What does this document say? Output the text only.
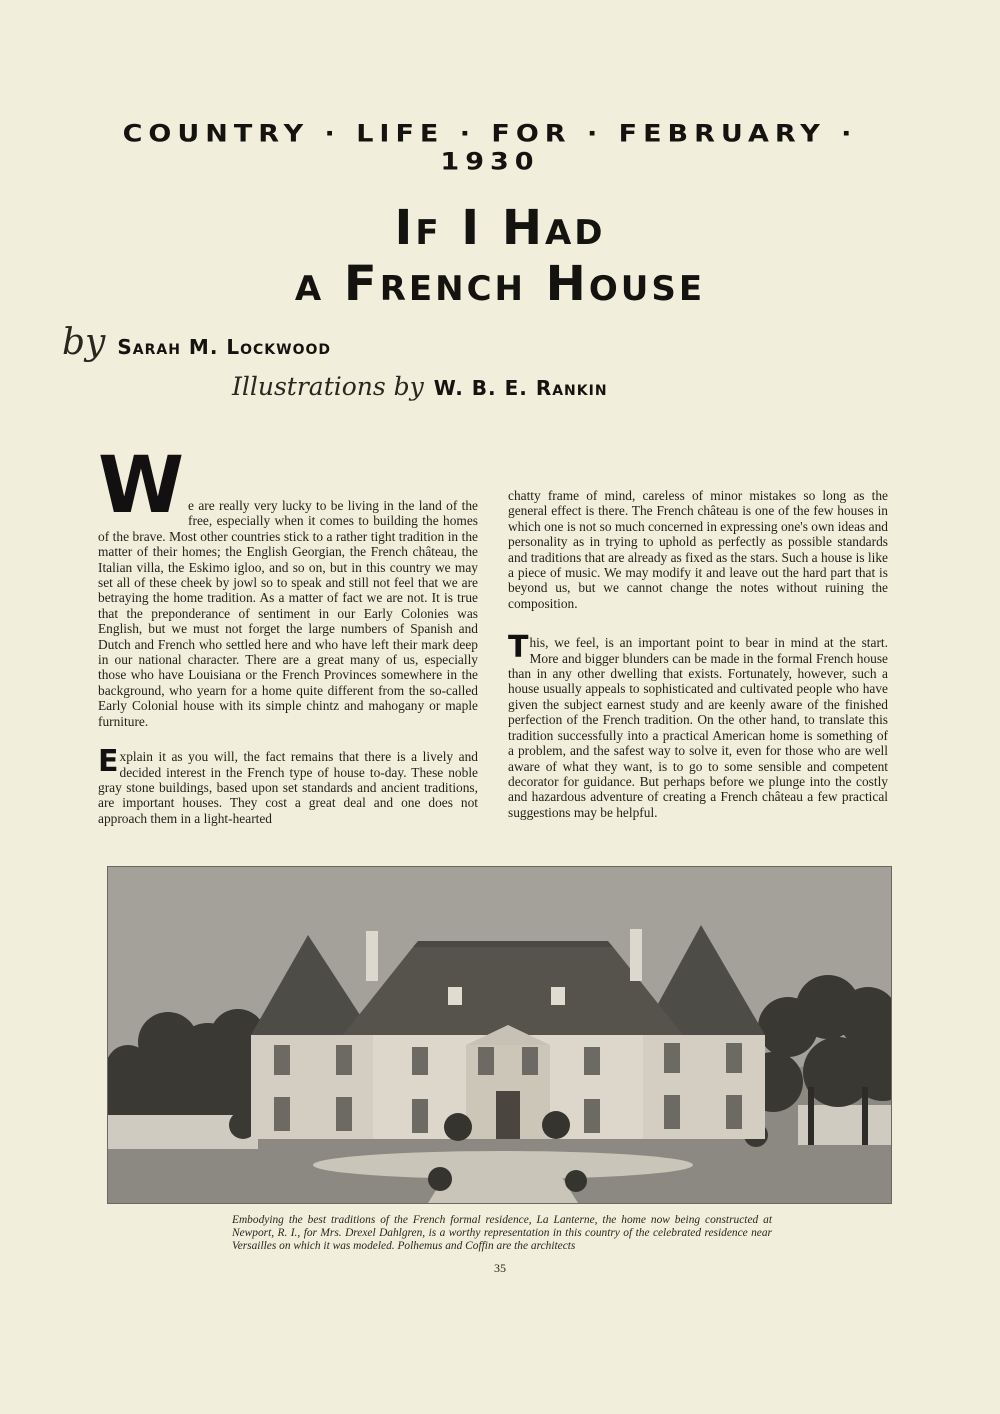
COUNTRY · LIFE · FOR · FEBRUARY · 1930
If I Had
a French House
by Sarah M. Lockwood
Illustrations by W. B. E. Rankin

W e are really very lucky to be living in the land of the free, especially when it comes to building the homes of the brave. Most other countries stick to a rather tight tradition in the matter of their homes; the English Georgian, the French château, the Italian villa, the Eskimo igloo, and so on, but in this country we may set all of these cheek by jowl so to speak and still not feel that we are betraying the home tradition. As a matter of fact we are not. It is true that the preponderance of sentiment in our Early Colonies was English, but we must not forget the large numbers of Spanish and Dutch and French who settled here and who have left their mark deep in our national character. There are a great many of us, especially those who have Louisiana or the French Provinces somewhere in the background, who yearn for a home quite different from the so-called Early Colonial house with its simple chintz and mahogany or maple furniture.

E xplain it as you will, the fact remains that there is a lively and decided interest in the French type of house to-day. These noble gray stone buildings, based upon set standards and ancient traditions, are important houses. They cost a great deal and one does not approach them in a light-hearted

chatty frame of mind, careless of minor mistakes so long as the general effect is there. The French château is one of the few houses in which one is not so much concerned in expressing one's own ideas and personality as in trying to uphold as perfectly as possible standards and traditions that are already as fixed as the stars. Such a house is like a piece of music. We may modify it and leave out the hard part that is beyond us, but we cannot change the notes without ruining the composition.

T his, we feel, is an important point to bear in mind at the start. More and bigger blunders can be made in the formal French house than in any other dwelling that exists. Fortunately, however, such a house usually appeals to sophisticated and cultivated people who have given the subject earnest study and are keenly aware of the finished perfection of the French tradition. On the other hand, to translate this tradition successfully into a practical American home is something of a problem, and the safest way to solve it, even for those who are well aware of what they want, is to go to some sensible and competent decorator for guidance. But perhaps before we plunge into the costly and hazardous adventure of creating a French château a few practical suggestions may be helpful.

Embodying the best traditions of the French formal residence, La Lanterne, the home now being constructed at Newport, R. I., for Mrs. Drexel Dahlgren, is a worthy representation in this country of the celebrated residence near Versailles on which it was modeled. Polhemus and Coffin are the architects
35
